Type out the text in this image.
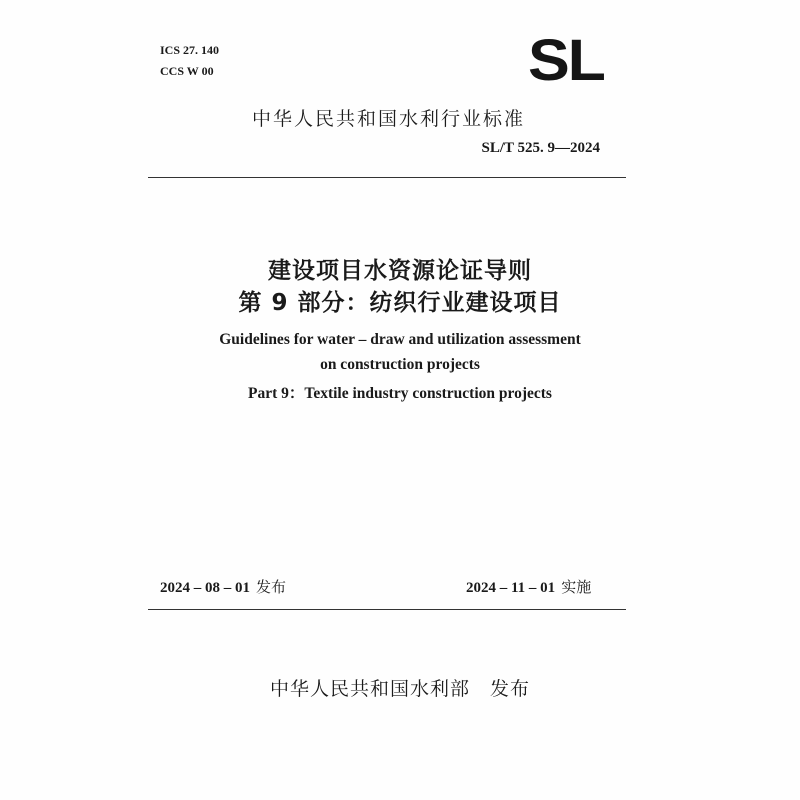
ICS 27. 140
CCS W 00	SL
中华人民共和国水利行业标准
SL/T 525. 9—2024
建设项目水资源论证导则
第 9 部分：纺织行业建设项目
Guidelines for water – draw and utilization assessment
on construction projects
Part 9：Textile industry construction projects
2024 – 08 – 01 发布	2024 – 11 – 01 实施
中华人民共和国水利部 发布
